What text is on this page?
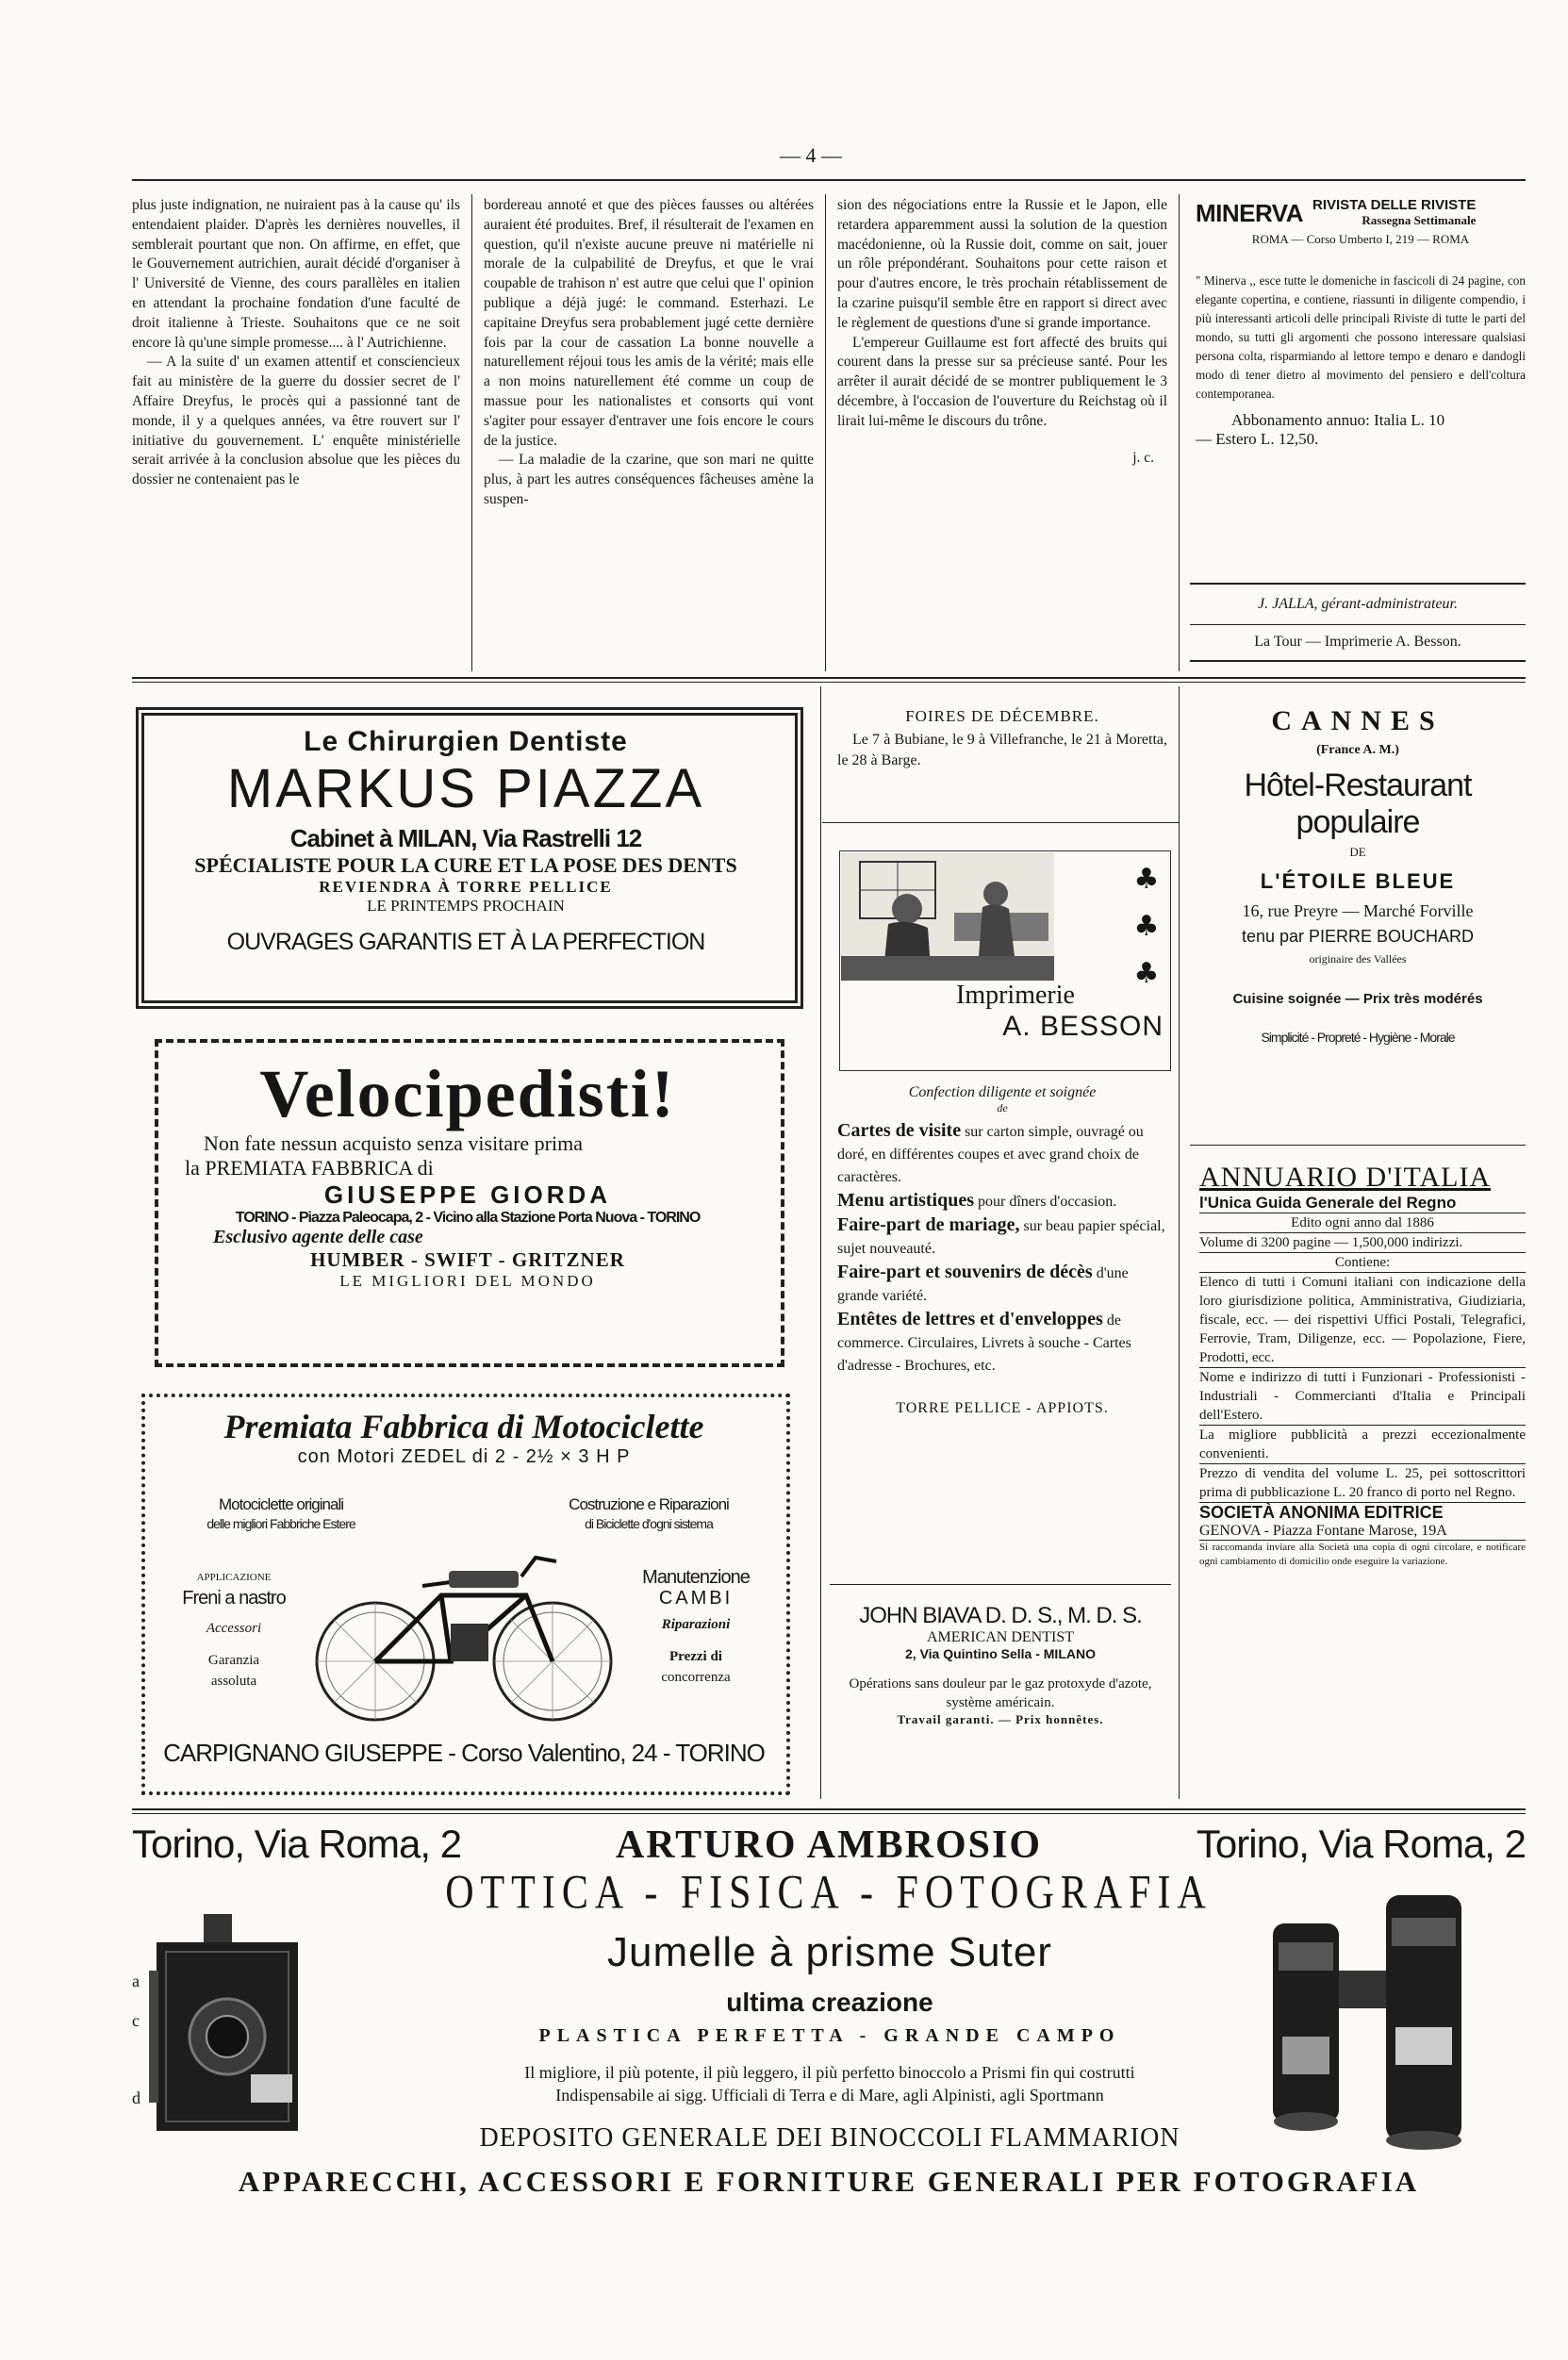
— 4 —

plus juste indignation, ne nuiraient pas à la cause qu' ils entendaient plaider. D'après les dernières nouvelles, il semblerait pourtant que non. On affirme, en effet, que le Gouvernement autrichien, aurait décidé d'organiser à l' Université de Vienne, des cours parallèles en italien en attendant la prochaine fondation d'une faculté de droit italienne à Trieste. Souhaitons que ce ne soit encore là qu'une simple promesse.... à l' Autrichienne.

— A la suite d' un examen attentif et consciencieux fait au ministère de la guerre du dossier secret de l' Affaire Dreyfus, le procès qui a passionné tant de monde, il y a quelques années, va être rouvert sur l' initiative du gouvernement. L' enquête ministérielle serait arrivée à la conclusion absolue que les pièces du dossier ne contenaient pas le

bordereau annoté et que des pièces fausses ou altérées auraient été produites. Bref, il résulterait de l'examen en question, qu'il n'existe aucune preuve ni matérielle ni morale de la culpabilité de Dreyfus, et que le vrai coupable de trahison n' est autre que celui que l' opinion publique a déjà jugé: le command. Esterhazi. Le capitaine Dreyfus sera probablement jugé cette dernière fois par la cour de cassation La bonne nouvelle a naturellement réjoui tous les amis de la vérité; mais elle a non moins naturellement été comme un coup de massue pour les nationalistes et consorts qui vont s'agiter pour essayer d'entraver une fois encore le cours de la justice.

— La maladie de la czarine, que son mari ne quitte plus, à part les autres conséquences fâcheuses amène la suspen-

sion des négociations entre la Russie et le Japon, elle retardera apparemment aussi la solution de la question macédonienne, où la Russie doit, comme on sait, jouer un rôle prépondérant. Souhaitons pour cette raison et pour d'autres encore, le très prochain rétablissement de la czarine puisqu'il semble être en rapport si direct avec le règlement de questions d'une si grande importance.

L'empereur Guillaume est fort affecté des bruits qui courent dans la presse sur sa précieuse santé. Pour les arrêter il aurait décidé de se montrer publiquement le 3 décembre, à l'occasion de l'ouverture du Reichstag où il lirait lui-même le discours du trône.

j. c.

MINERVA RIVISTA DELLE RIVISTE
Rassegna Settimanale
ROMA — Corso Umberto I, 219 — ROMA
" Minerva ,, esce tutte le domeniche in fascicoli di 24 pagine, con elegante copertina, e contiene, riassunti in diligente compendio, i più interessanti articoli delle principali Riviste di tutte le parti del mondo, su tutti gli argomenti che possono interessare qualsiasi persona colta, risparmiando al lettore tempo e denaro e dandogli modo di tener dietro al movimento del pensiero e dell'coltura contemporanea.
Abbonamento annuo: Italia L. 10
— Estero L. 12,50.
J. JALLA, gérant-administrateur.
La Tour — Imprimerie A. Besson.
Le Chirurgien Dentiste
MARKUS PIAZZA
Cabinet à MILAN, Via Rastrelli 12
SPÉCIALISTE POUR LA CURE ET LA POSE DES DENTS
REVIENDRA À TORRE PELLICE
LE PRINTEMPS PROCHAIN
OUVRAGES GARANTIS ET À LA PERFECTION
Velocipedisti!
Non fate nessun acquisto senza visitare prima
la PREMIATA FABBRICA di
GIUSEPPE GIORDA
TORINO - Piazza Paleocapa, 2 - Vicino alla Stazione Porta Nuova - TORINO
Esclusivo agente delle case
HUMBER - SWIFT - GRITZNER
LE MIGLIORI DEL MONDO
Premiata Fabbrica di Motociclette
con Motori ZEDEL di 2 - 2½ × 3 H P
Motociclette originali
delle migliori Fabbriche Estere
Costruzione e Riparazioni
di Biciclette d'ogni sistema
APPLICAZIONE
Freni a nastro
Accessori
Garanzia
assoluta
Manutenzione
CAMBI
Riparazioni
Prezzi di
concorrenza
CARPIGNANO GIUSEPPE - Corso Valentino, 24 - TORINO
FOIRES DE DÉCEMBRE.
Le 7 à Bubiane, le 9 à Villefranche, le 21 à Moretta, le 28 à Barge.
♣
♣
♣
Imprimerie
A. BESSON
Confection diligente et soignée
de
Cartes de visite sur carton simple, ouvragé ou doré, en différentes coupes et avec grand choix de caractères.
Menu artistiques pour dîners d'occasion.
Faire-part de mariage, sur beau papier spécial, sujet nouveauté.
Faire-part et souvenirs de décès d'une grande variété.
Entêtes de lettres et d'enveloppes de commerce. Circulaires, Livrets à souche - Cartes d'adresse - Brochures, etc.
TORRE PELLICE - APPIOTS.
JOHN BIAVA D. D. S., M. D. S.
AMERICAN DENTIST
2, Via Quintino Sella - MILANO
Opérations sans douleur par le gaz protoxyde d'azote, système américain.
Travail garanti. — Prix honnêtes.
CANNES
(France A. M.)
Hôtel-Restaurant populaire
DE
L'ÉTOILE BLEUE
16, rue Preyre — Marché Forville
tenu par PIERRE BOUCHARD
originaire des Vallées
Cuisine soignée — Prix très modérés
Simplicité - Propreté - Hygiène - Morale
ANNUARIO D'ITALIA
l'Unica Guida Generale del Regno
Edito ogni anno dal 1886
Volume di 3200 pagine — 1,500,000 indirizzi.
Contiene:
Elenco di tutti i Comuni italiani con indicazione della loro giurisdizione politica, Amministrativa, Giudiziaria, fiscale, ecc. — dei rispettivi Uffici Postali, Telegrafici, Ferrovie, Tram, Diligenze, ecc. — Popolazione, Fiere, Prodotti, ecc.
Nome e indirizzo di tutti i Funzionari - Professionisti - Industriali - Commercianti d'Italia e Principali dell'Estero.
La migliore pubblicità a prezzi eccezionalmente convenienti.
Prezzo di vendita del volume L. 25, pei sottoscrittori prima di pubblicazione L. 20 franco di porto nel Regno.
SOCIETÀ ANONIMA EDITRICE
GENOVA - Piazza Fontane Marose, 19A
Si raccomanda inviare alla Società una copia di ogni circolare, e notificare ogni cambiamento di domicilio onde eseguire la variazione.
Torino, Via Roma, 2	ARTURO AMBROSIO	Torino, Via Roma, 2
OTTICA - FISICA - FOTOGRAFIA
Jumelle à prisme Suter
ultima creazione
PLASTICA PERFETTA - GRANDE CAMPO
Il migliore, il più potente, il più leggero, il più perfetto binoccolo a Prismi fin qui costrutti
Indispensabile ai sigg. Ufficiali di Terra e di Mare, agli Alpinisti, agli Sportmann
DEPOSITO GENERALE DEI BINOCCOLI FLAMMARION
APPARECCHI, ACCESSORI E FORNITURE GENERALI PER FOTOGRAFIA
a
c
d
